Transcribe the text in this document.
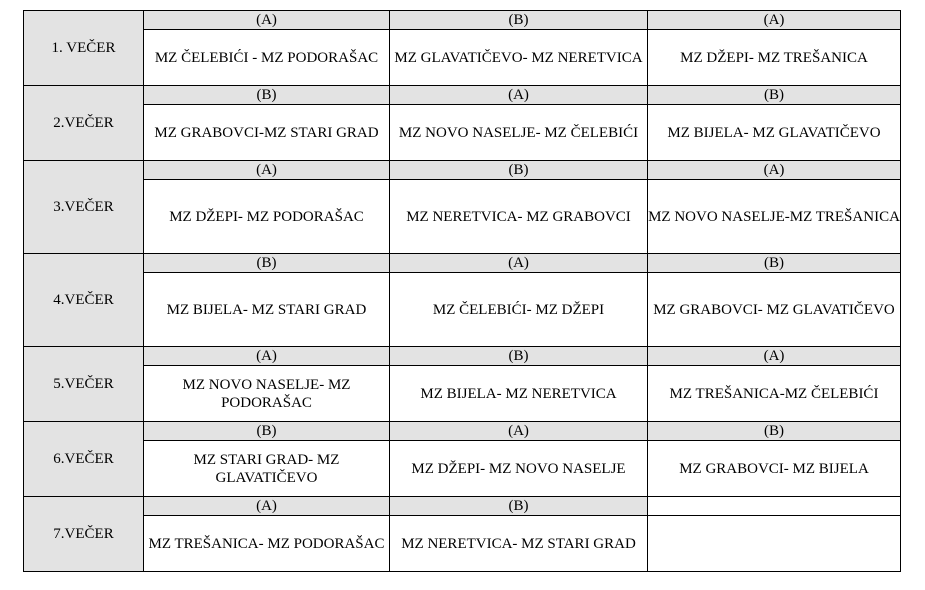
1. VEČER	(A)	(B)	(A)
	MZ ČELEBIĆI - MZ PODORAŠAC	MZ GLAVATIČEVO- MZ NERETVICA	MZ DŽEPI- MZ TREŠANICA
2.VEČER	(B)	(A)	(B)
	MZ GRABOVCI-MZ STARI GRAD	MZ NOVO NASELJE- MZ ČELEBIĆI	MZ BIJELA- MZ GLAVATIČEVO
3.VEČER	(A)	(B)	(A)
	MZ DŽEPI- MZ PODORAŠAC	MZ NERETVICA- MZ GRABOVCI	MZ NOVO NASELJE-MZ TREŠANICA
4.VEČER	(B)	(A)	(B)
	MZ BIJELA- MZ STARI GRAD	MZ ČELEBIĆI- MZ DŽEPI	MZ GRABOVCI- MZ GLAVATIČEVO
5.VEČER	(A)	(B)	(A)
	MZ NOVO NASELJE- MZ PODORAŠAC	MZ BIJELA- MZ NERETVICA	MZ TREŠANICA-MZ ČELEBIĆI
6.VEČER	(B)	(A)	(B)
	MZ STARI GRAD- MZ GLAVATIČEVO	MZ DŽEPI- MZ NOVO NASELJE	MZ GRABOVCI- MZ BIJELA
7.VEČER	(A)	(B)	
	MZ TREŠANICA- MZ PODORAŠAC	MZ NERETVICA- MZ STARI GRAD	
